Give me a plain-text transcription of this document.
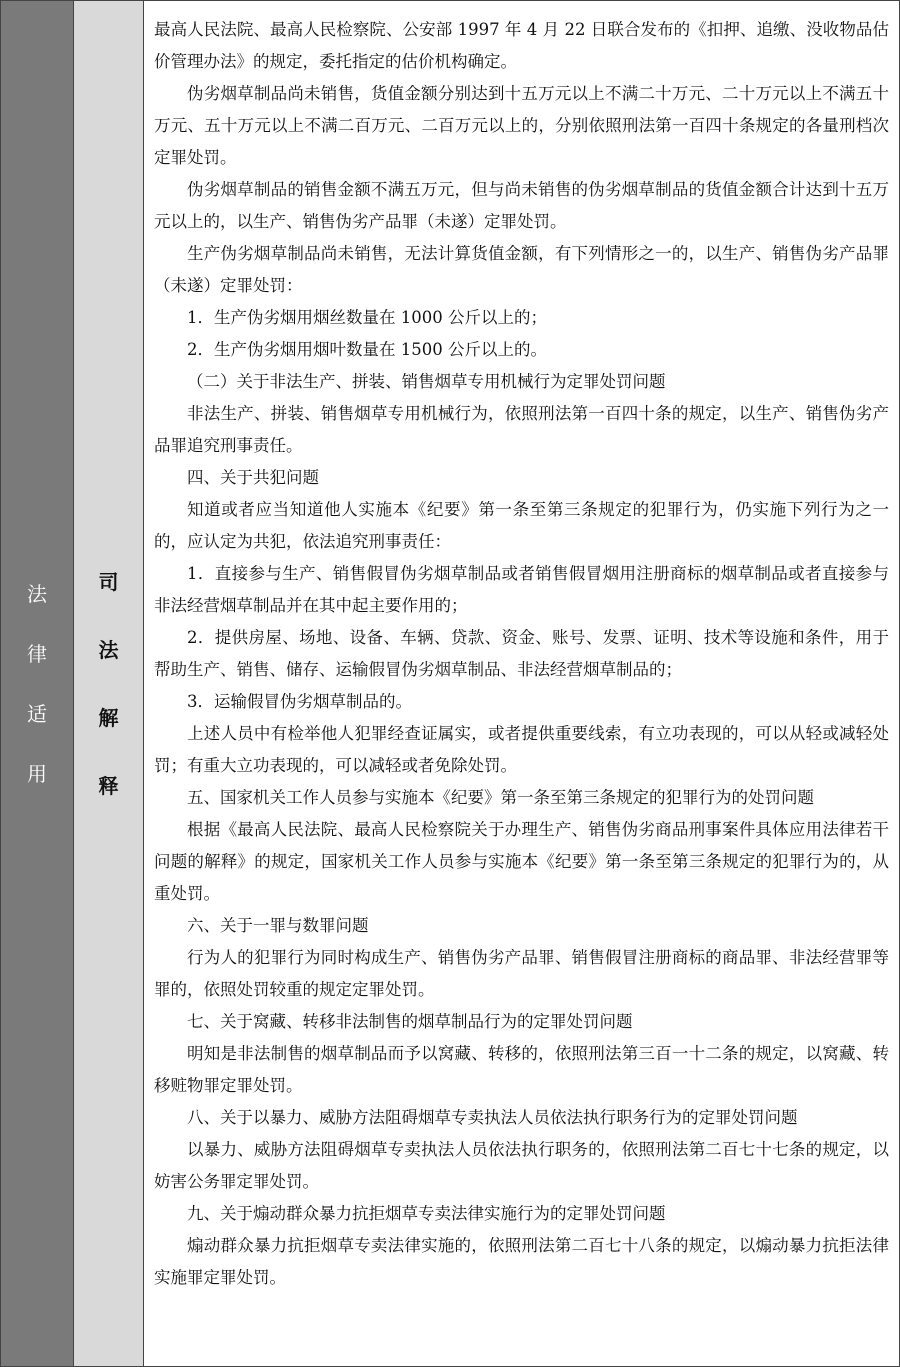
法
律
适
用
司
法
解
释

最高人民法院、最高人民检察院、公安部 1997 年 4 月 22 日联合发布的《扣押、追缴、没收物品估价管理办法》的规定，委托指定的估价机构确定。

伪劣烟草制品尚未销售，货值金额分别达到十五万元以上不满二十万元、二十万元以上不满五十万元、五十万元以上不满二百万元、二百万元以上的，分别依照刑法第一百四十条规定的各量刑档次定罪处罚。

伪劣烟草制品的销售金额不满五万元，但与尚未销售的伪劣烟草制品的货值金额合计达到十五万元以上的，以生产、销售伪劣产品罪（未遂）定罪处罚。

生产伪劣烟草制品尚未销售，无法计算货值金额，有下列情形之一的，以生产、销售伪劣产品罪（未遂）定罪处罚：

1．生产伪劣烟用烟丝数量在 1000 公斤以上的；

2．生产伪劣烟用烟叶数量在 1500 公斤以上的。

（二）关于非法生产、拼装、销售烟草专用机械行为定罪处罚问题

非法生产、拼装、销售烟草专用机械行为，依照刑法第一百四十条的规定，以生产、销售伪劣产品罪追究刑事责任。

四、关于共犯问题

知道或者应当知道他人实施本《纪要》第一条至第三条规定的犯罪行为，仍实施下列行为之一的，应认定为共犯，依法追究刑事责任：

1．直接参与生产、销售假冒伪劣烟草制品或者销售假冒烟用注册商标的烟草制品或者直接参与非法经营烟草制品并在其中起主要作用的；

2．提供房屋、场地、设备、车辆、贷款、资金、账号、发票、证明、技术等设施和条件，用于帮助生产、销售、储存、运输假冒伪劣烟草制品、非法经营烟草制品的；

3．运输假冒伪劣烟草制品的。

上述人员中有检举他人犯罪经查证属实，或者提供重要线索，有立功表现的，可以从轻或减轻处罚；有重大立功表现的，可以减轻或者免除处罚。

五、国家机关工作人员参与实施本《纪要》第一条至第三条规定的犯罪行为的处罚问题

根据《最高人民法院、最高人民检察院关于办理生产、销售伪劣商品刑事案件具体应用法律若干问题的解释》的规定，国家机关工作人员参与实施本《纪要》第一条至第三条规定的犯罪行为的，从重处罚。

六、关于一罪与数罪问题

行为人的犯罪行为同时构成生产、销售伪劣产品罪、销售假冒注册商标的商品罪、非法经营罪等罪的，依照处罚较重的规定定罪处罚。

七、关于窝藏、转移非法制售的烟草制品行为的定罪处罚问题

明知是非法制售的烟草制品而予以窝藏、转移的，依照刑法第三百一十二条的规定，以窝藏、转移赃物罪定罪处罚。

八、关于以暴力、威胁方法阻碍烟草专卖执法人员依法执行职务行为的定罪处罚问题

以暴力、威胁方法阻碍烟草专卖执法人员依法执行职务的，依照刑法第二百七十七条的规定，以妨害公务罪定罪处罚。

九、关于煽动群众暴力抗拒烟草专卖法律实施行为的定罪处罚问题

煽动群众暴力抗拒烟草专卖法律实施的，依照刑法第二百七十八条的规定，以煽动暴力抗拒法律实施罪定罪处罚。
